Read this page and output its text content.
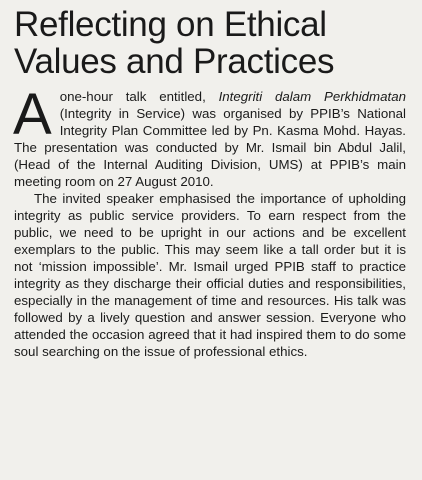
Reflecting on Ethical
Values and Practices

A one-hour talk entitled, Integriti dalam Perkhidmatan (Integrity in Service) was organised by PPIB’s National Integrity Plan Committee led by Pn. Kasma Mohd. Hayas. The presentation was conducted by Mr. Ismail bin Abdul Jalil, (Head of the Internal Auditing Division, UMS) at PPIB’s main meeting room on 27 August 2010.

The invited speaker emphasised the importance of upholding integrity as public service providers. To earn respect from the public, we need to be upright in our actions and be excellent exemplars to the public. This may seem like a tall order but it is not ‘mission impossible’. Mr. Ismail urged PPIB staff to practice integrity as they discharge their official duties and responsibilities, especially in the management of time and resources. His talk was followed by a lively question and answer session. Everyone who attended the occasion agreed that it had inspired them to do some soul searching on the issue of professional ethics.
